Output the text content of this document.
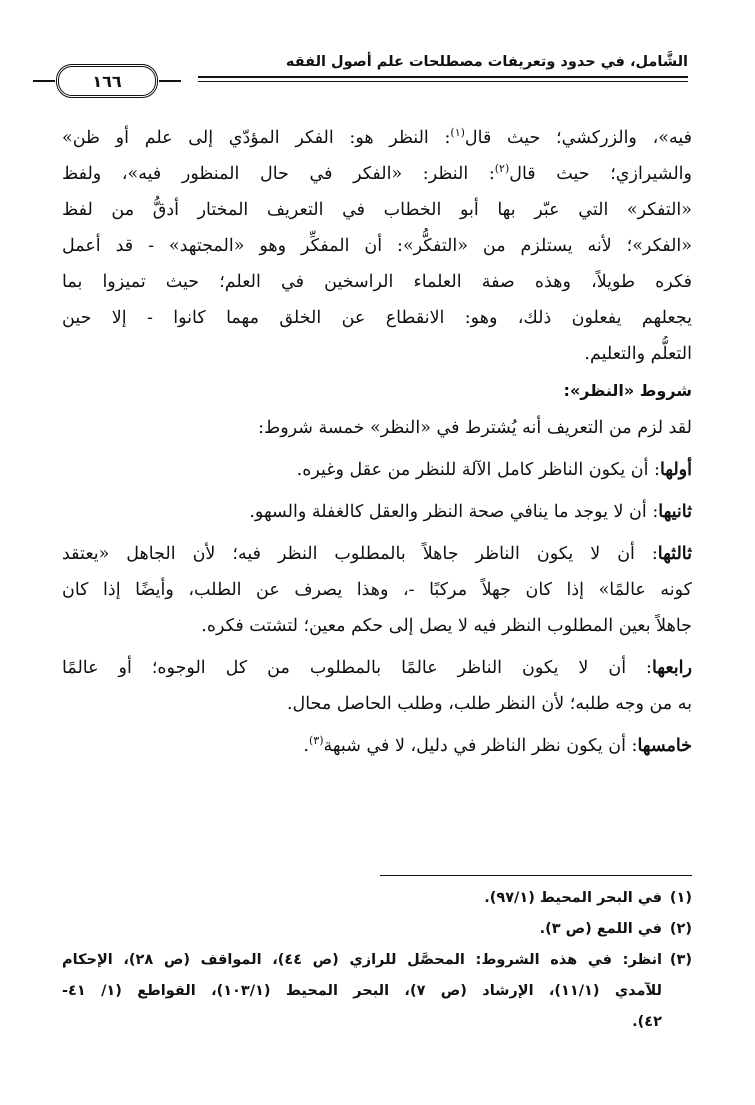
الشَّامل، في حدود وتعريفات مصطلحات علم أصول الفقه
١٦٦
فيه»، والزركشي؛ حيث قال$^{(١)}$: النظر هو: الفكر المؤدّي إلى علم أو ظن»
والشيرازي؛ حيث قال$^{(٢)}$: النظر: «الفكر في حال المنظور فيه»، ولفظ
«التفكر» التي عبّر بها أبو الخطاب في التعريف المختار أدقُّ من لفظ
«الفكر»؛ لأنه يستلزم من «التفكُّر»: أن المفكِّر وهو «المجتهد» - قد أعمل
فكره طويلاً، وهذه صفة العلماء الراسخين في العلم؛ حيث تميزوا بما
يجعلهم يفعلون ذلك، وهو: الانقطاع عن الخلق مهما كانوا - إلا حين
التعلُّم والتعليم.
شروط «النظر»:
لقد لزم من التعريف أنه يُشترط في «النظر» خمسة شروط:
أولها: أن يكون الناظر كامل الآلة للنظر من عقل وغيره.
ثانيها: أن لا يوجد ما ينافي صحة النظر والعقل كالغفلة والسهو.
ثالثها: أن لا يكون الناظر جاهلاً بالمطلوب النظر فيه؛ لأن الجاهل «يعتقد
كونه عالمًا» إذا كان جهلاً مركبًا -، وهذا يصرف عن الطلب، وأيضًا إذا كان
جاهلاً بعين المطلوب النظر فيه لا يصل إلى حكم معين؛ لتشتت فكره.
رابعها: أن لا يكون الناظر عالمًا بالمطلوب من كل الوجوه؛ أو عالمًا
به من وجه طلبه؛ لأن النظر طلب، وطلب الحاصل محال.
خامسها: أن يكون نظر الناظر في دليل، لا في شبهة$^{(٣)}$.
(١)
في البحر المحيط (٩٧/١).
(٢)
في اللمع (ص ٣).
(٣)
انظر: في هذه الشروط: المحصَّل للرازي (ص ٤٤)، المواقف (ص ٢٨)، الإحكام
للآمدي (١١/١)، الإرشاد (ص ٧)، البحر المحيط (١٠٣/١)، القواطع (١/ ٤١-
٤٢).
